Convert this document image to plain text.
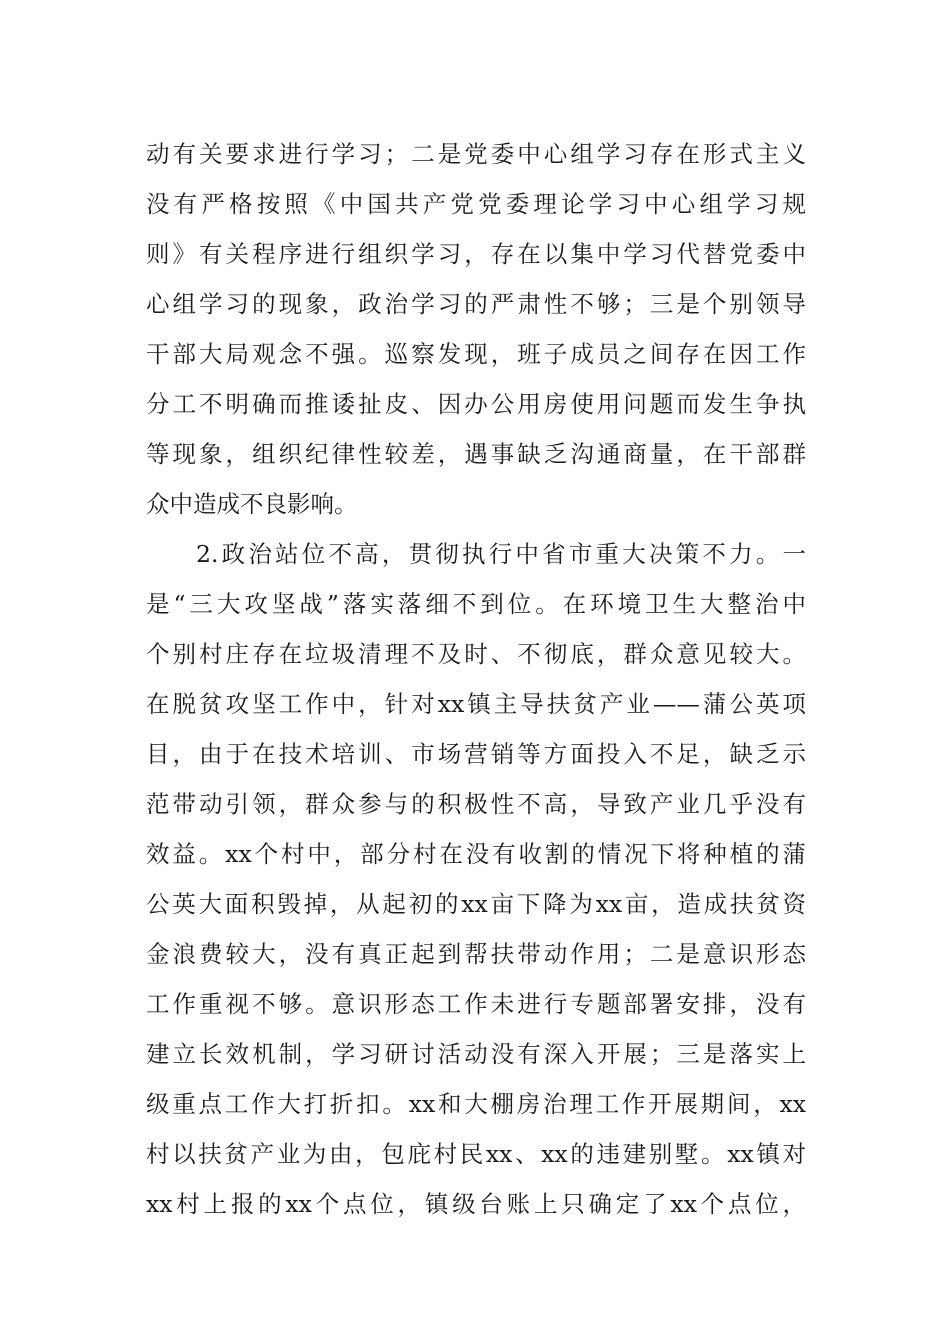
动有关要求进行学习；二是党委中心组学习存在形式主义
没有严格按照《中国共产党党委理论学习中心组学习规
则》有关程序进行组织学习，存在以集中学习代替党委中
心组学习的现象，政治学习的严肃性不够；三是个别领导
干部大局观念不强。巡察发现，班子成员之间存在因工作
分工不明确而推诿扯皮、因办公用房使用问题而发生争执
等现象，组织纪律性较差，遇事缺乏沟通商量，在干部群
众中造成不良影响。
2.政治站位不高，贯彻执行中省市重大决策不力。一
是“三大攻坚战”落实落细不到位。在环境卫生大整治中
个别村庄存在垃圾清理不及时、不彻底，群众意见较大。
在脱贫攻坚工作中，针对xx镇主导扶贫产业——蒲公英项
目，由于在技术培训、市场营销等方面投入不足，缺乏示
范带动引领，群众参与的积极性不高，导致产业几乎没有
效益。xx个村中，部分村在没有收割的情况下将种植的蒲
公英大面积毁掉，从起初的xx亩下降为xx亩，造成扶贫资
金浪费较大，没有真正起到帮扶带动作用；二是意识形态
工作重视不够。意识形态工作未进行专题部署安排，没有
建立长效机制，学习研讨活动没有深入开展；三是落实上
级重点工作大打折扣。xx和大棚房治理工作开展期间，xx
村以扶贫产业为由，包庇村民xx、xx的违建别墅。xx镇对
xx村上报的xx个点位，镇级台账上只确定了xx个点位，
